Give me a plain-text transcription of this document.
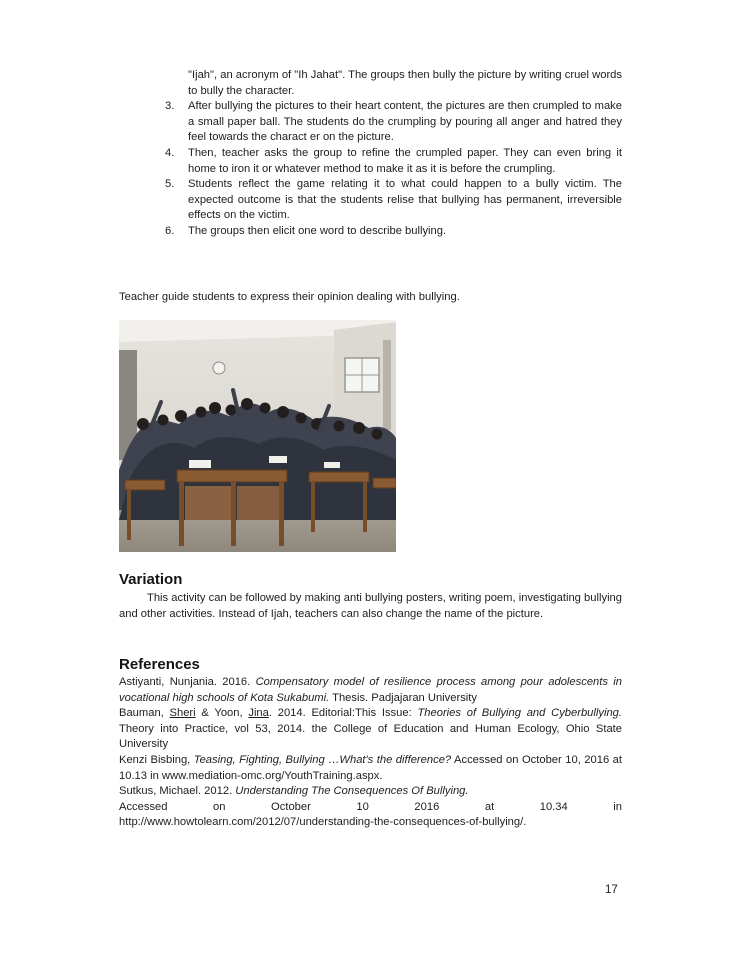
"Ijah", an acronym of "Ih Jahat". The groups then bully the picture by writing cruel words to bully the character.
3. After bullying the pictures to their heart content, the pictures are then crumpled to make a small paper ball. The students do the crumpling by pouring all anger and hatred they feel towards the charact er on the picture.
4. Then, teacher asks the group to refine the crumpled paper. They can even bring it home to iron it or whatever method to make it as it is before the crumpling.
5. Students reflect the game relating it to what could happen to a bully victim. The expected outcome is that the students relise that bullying has permanent, irreversible effects on the victim.
6. The groups then elicit one word to describe bullying.
Teacher guide students to express their opinion dealing with bullying.
Variation
This activity can be followed by making anti bullying posters, writing poem, investigating bullying and other activities. Instead of Ijah, teachers can also change the name of the picture.
References

Astiyanti, Nunjania. 2016. Compensatory model of resilience process among pour adolescents in vocational high schools of Kota Sukabumi. Thesis. Padjajaran University

Bauman, Sheri & Yoon, Jina. 2014. Editorial:This Issue: Theories of Bullying and Cyberbullying. Theory into Practice, vol 53, 2014. the College of Education and Human Ecology, Ohio State University

Kenzi Bisbing, Teasing, Fighting, Bullying …What's the difference? Accessed on October 10, 2016 at 10.13 in www.mediation-omc.org/YouthTraining.aspx.

Sutkus, Michael. 2012. Understanding The Consequences Of Bullying.

Accessed on October 10 2016 at 10.34 in

http://www.howtolearn.com/2012/07/understanding-the-consequences-of-bullying/.

17
